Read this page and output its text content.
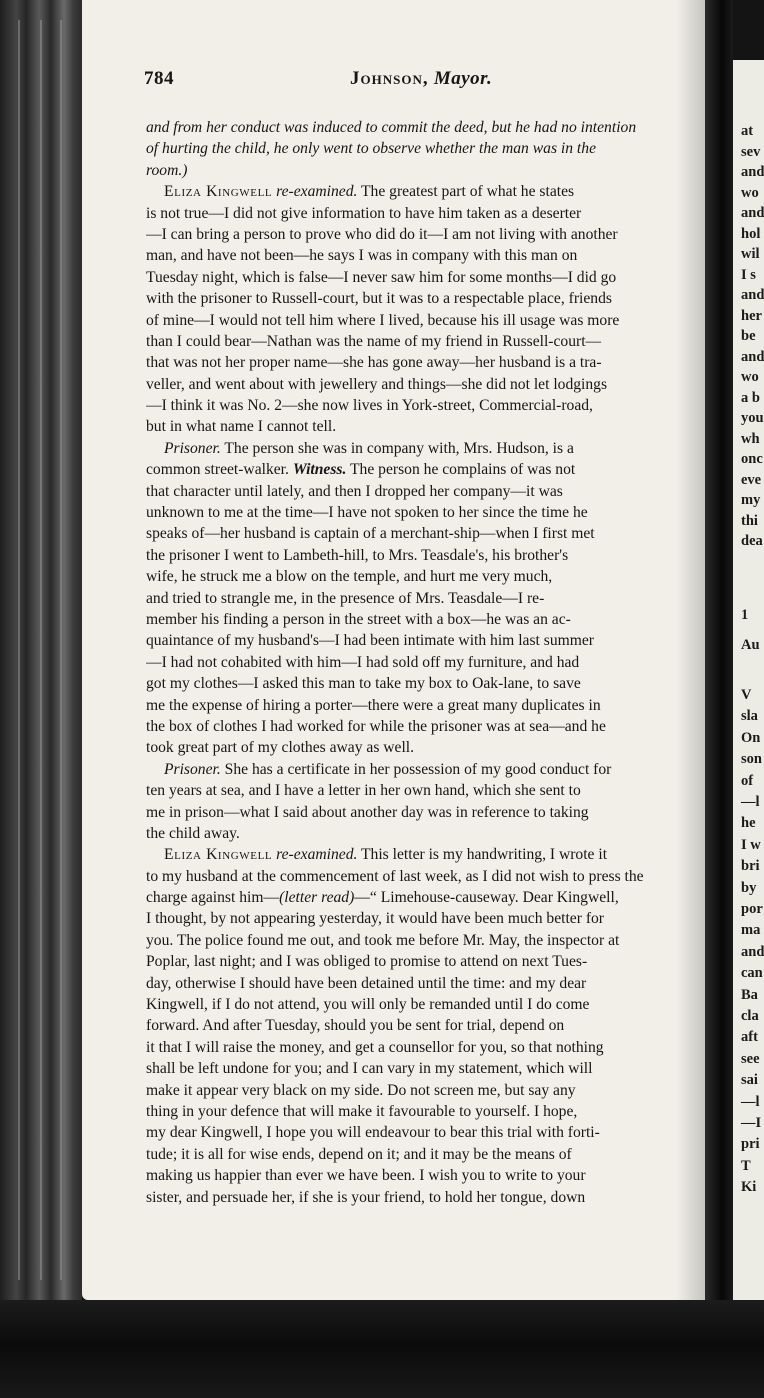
784	Johnson, Mayor.
and from her conduct was induced to commit the deed, but he had no intention
of hurting the child, he only went to observe whether the man was in the
room.)
Eliza Kingwell re-examined. The greatest part of what he states
is not true—I did not give information to have him taken as a deserter
—I can bring a person to prove who did do it—I am not living with another
man, and have not been—he says I was in company with this man on
Tuesday night, which is false—I never saw him for some months—I did go
with the prisoner to Russell-court, but it was to a respectable place, friends
of mine—I would not tell him where I lived, because his ill usage was more
than I could bear—Nathan was the name of my friend in Russell-court—
that was not her proper name—she has gone away—her husband is a tra-
veller, and went about with jewellery and things—she did not let lodgings
—I think it was No. 2—she now lives in York-street, Commercial-road,
but in what name I cannot tell.
Prisoner. The person she was in company with, Mrs. Hudson, is a
common street-walker. Witness. The person he complains of was not
that character until lately, and then I dropped her company—it was
unknown to me at the time—I have not spoken to her since the time he
speaks of—her husband is captain of a merchant-ship—when I first met
the prisoner I went to Lambeth-hill, to Mrs. Teasdale's, his brother's
wife, he struck me a blow on the temple, and hurt me very much,
and tried to strangle me, in the presence of Mrs. Teasdale—I re-
member his finding a person in the street with a box—he was an ac-
quaintance of my husband's—I had been intimate with him last summer
—I had not cohabited with him—I had sold off my furniture, and had
got my clothes—I asked this man to take my box to Oak-lane, to save
me the expense of hiring a porter—there were a great many duplicates in
the box of clothes I had worked for while the prisoner was at sea—and he
took great part of my clothes away as well.
Prisoner. She has a certificate in her possession of my good conduct for
ten years at sea, and I have a letter in her own hand, which she sent to
me in prison—what I said about another day was in reference to taking
the child away.
Eliza Kingwell re-examined. This letter is my handwriting, I wrote it
to my husband at the commencement of last week, as I did not wish to press the
charge against him—(letter read)—“ Limehouse-causeway. Dear Kingwell,
I thought, by not appearing yesterday, it would have been much better for
you. The police found me out, and took me before Mr. May, the inspector at
Poplar, last night; and I was obliged to promise to attend on next Tues-
day, otherwise I should have been detained until the time: and my dear
Kingwell, if I do not attend, you will only be remanded until I do come
forward. And after Tuesday, should you be sent for trial, depend on
it that I will raise the money, and get a counsellor for you, so that nothing
shall be left undone for you; and I can vary in my statement, which will
make it appear very black on my side. Do not screen me, but say any
thing in your defence that will make it favourable to yourself. I hope,
my dear Kingwell, I hope you will endeavour to bear this trial with forti-
tude; it is all for wise ends, depend on it; and it may be the means of
making us happier than ever we have been. I wish you to write to your
sister, and persuade her, if she is your friend, to hold her tongue, down
at
sev
and
wo
and
hol
wil
I s
and
her
be
and
wo
a b
you
wh
onc
eve
my
thi
dea
1
Au
V
sla
On
son
of
—l
he
I w
bri
by
por
ma
and
can
Ba
cla
aft
see
sai
—l
—I
pri
T
Ki
